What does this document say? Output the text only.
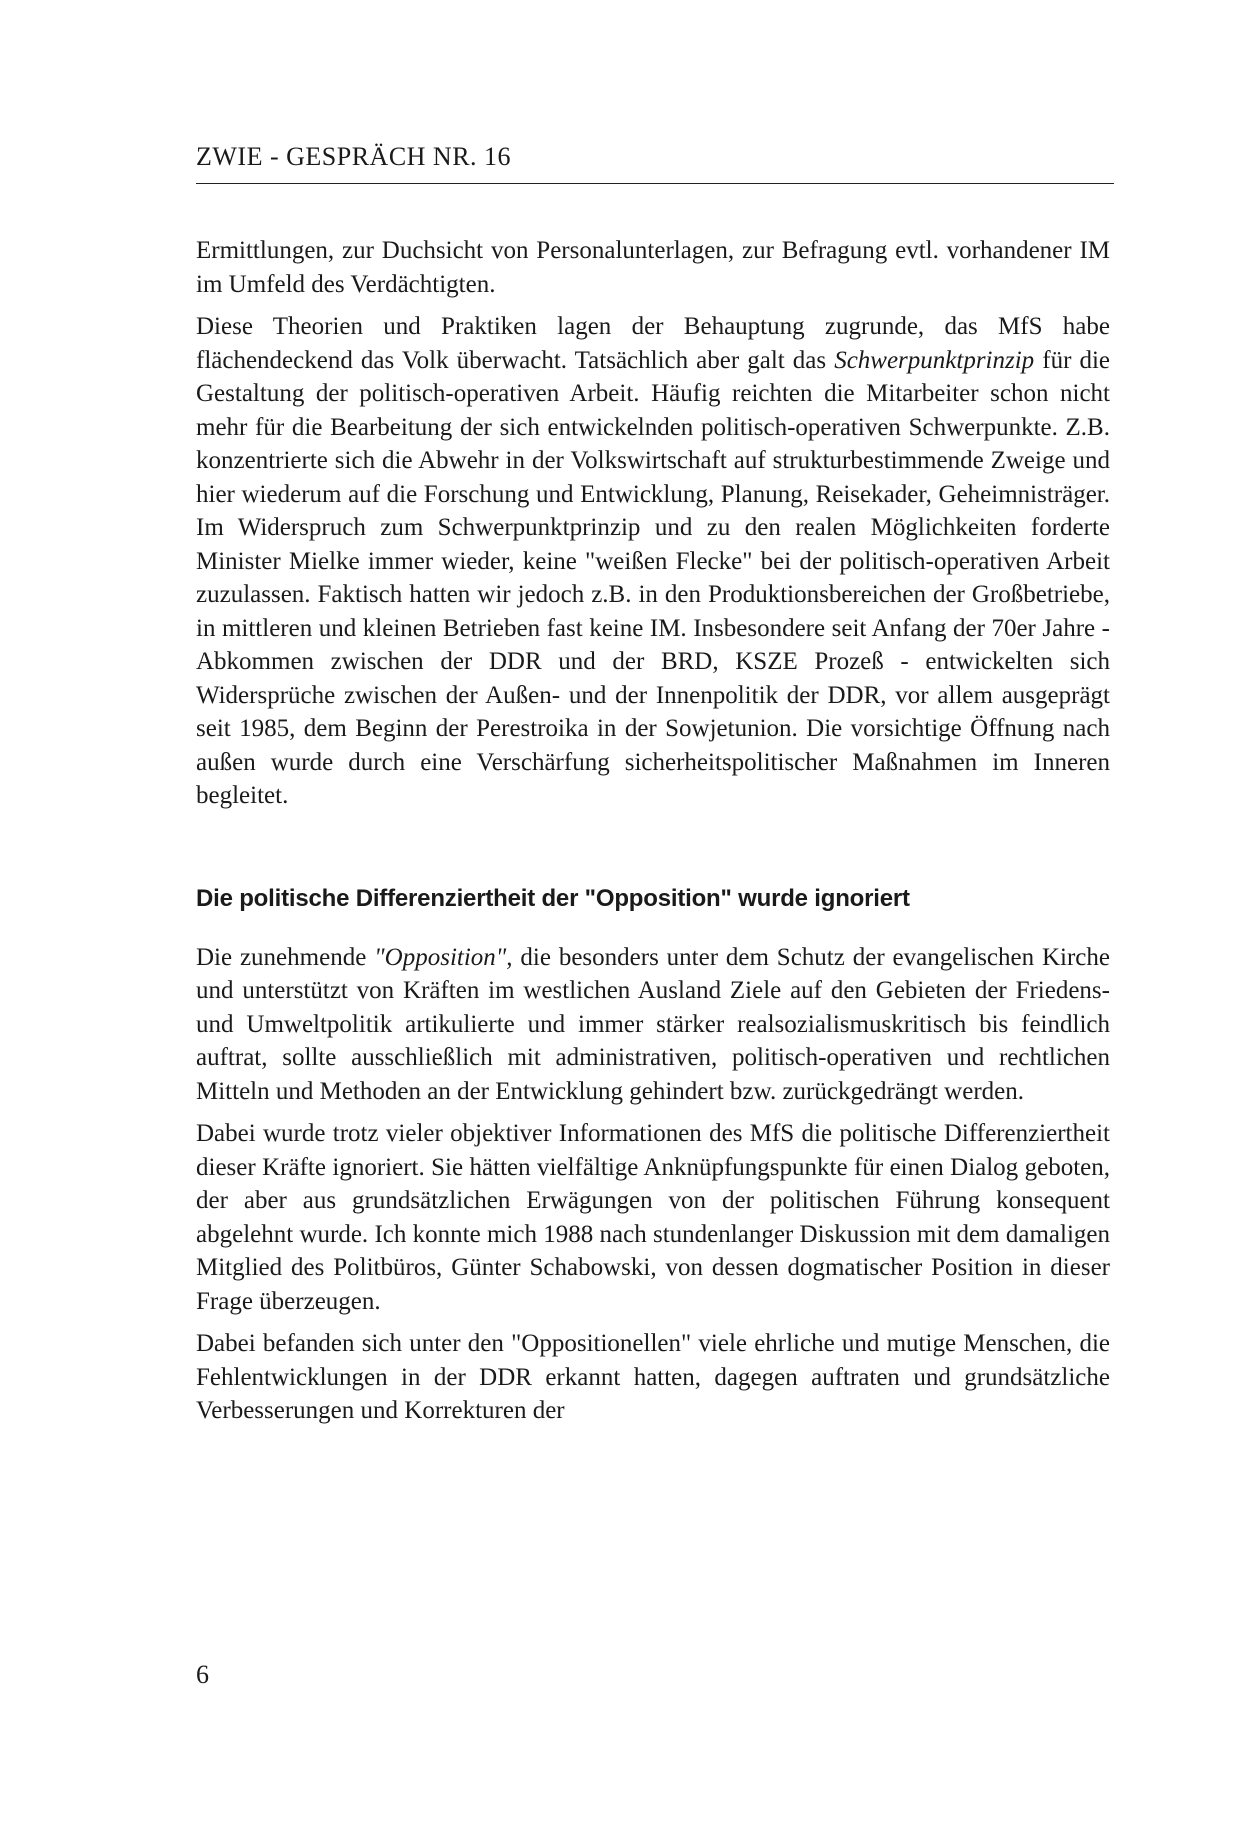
ZWIE - GESPRÄCH NR. 16

Ermittlungen, zur Duchsicht von Personalunterlagen, zur Befragung evtl. vorhandener IM im Umfeld des Verdächtigten.

Diese Theorien und Praktiken lagen der Behauptung zugrunde, das MfS habe flächendeckend das Volk überwacht. Tatsächlich aber galt das Schwerpunktprinzip für die Gestaltung der politisch-operativen Arbeit. Häufig reichten die Mitarbeiter schon nicht mehr für die Bearbeitung der sich entwickelnden politisch-operativen Schwerpunkte. Z.B. konzentrierte sich die Abwehr in der Volkswirtschaft auf strukturbestimmende Zweige und hier wiederum auf die Forschung und Entwicklung, Planung, Reisekader, Geheimnisträger. Im Widerspruch zum Schwerpunktprinzip und zu den realen Möglichkeiten forderte Minister Mielke immer wieder, keine "weißen Flecke" bei der politisch-operativen Arbeit zuzulassen. Faktisch hatten wir jedoch z.B. in den Produktionsbereichen der Großbetriebe, in mittleren und kleinen Betrieben fast keine IM. Insbesondere seit Anfang der 70er Jahre - Abkommen zwischen der DDR und der BRD, KSZE Prozeß - entwickelten sich Widersprüche zwischen der Außen- und der Innenpolitik der DDR, vor allem ausgeprägt seit 1985, dem Beginn der Perestroika in der Sowjetunion. Die vorsichtige Öffnung nach außen wurde durch eine Verschärfung sicherheitspolitischer Maßnahmen im Inneren begleitet.

Die politische Differenziertheit der "Opposition" wurde ignoriert

Die zunehmende "Opposition", die besonders unter dem Schutz der evangelischen Kirche und unterstützt von Kräften im westlichen Ausland Ziele auf den Gebieten der Friedens- und Umweltpolitik artikulierte und immer stärker realsozialismuskritisch bis feindlich auftrat, sollte ausschließlich mit administrativen, politisch-operativen und rechtlichen Mitteln und Methoden an der Entwicklung gehindert bzw. zurückgedrängt werden.

Dabei wurde trotz vieler objektiver Informationen des MfS die politische Differenziertheit dieser Kräfte ignoriert. Sie hätten vielfältige Anknüpfungspunkte für einen Dialog geboten, der aber aus grundsätzlichen Erwägungen von der politischen Führung konsequent abgelehnt wurde. Ich konnte mich 1988 nach stundenlanger Diskussion mit dem damaligen Mitglied des Politbüros, Günter Schabowski, von dessen dogmatischer Position in dieser Frage überzeugen.

Dabei befanden sich unter den "Oppositionellen" viele ehrliche und mutige Menschen, die Fehlentwicklungen in der DDR erkannt hatten, dagegen auftraten und grundsätzliche Verbesserungen und Korrekturen der

6
